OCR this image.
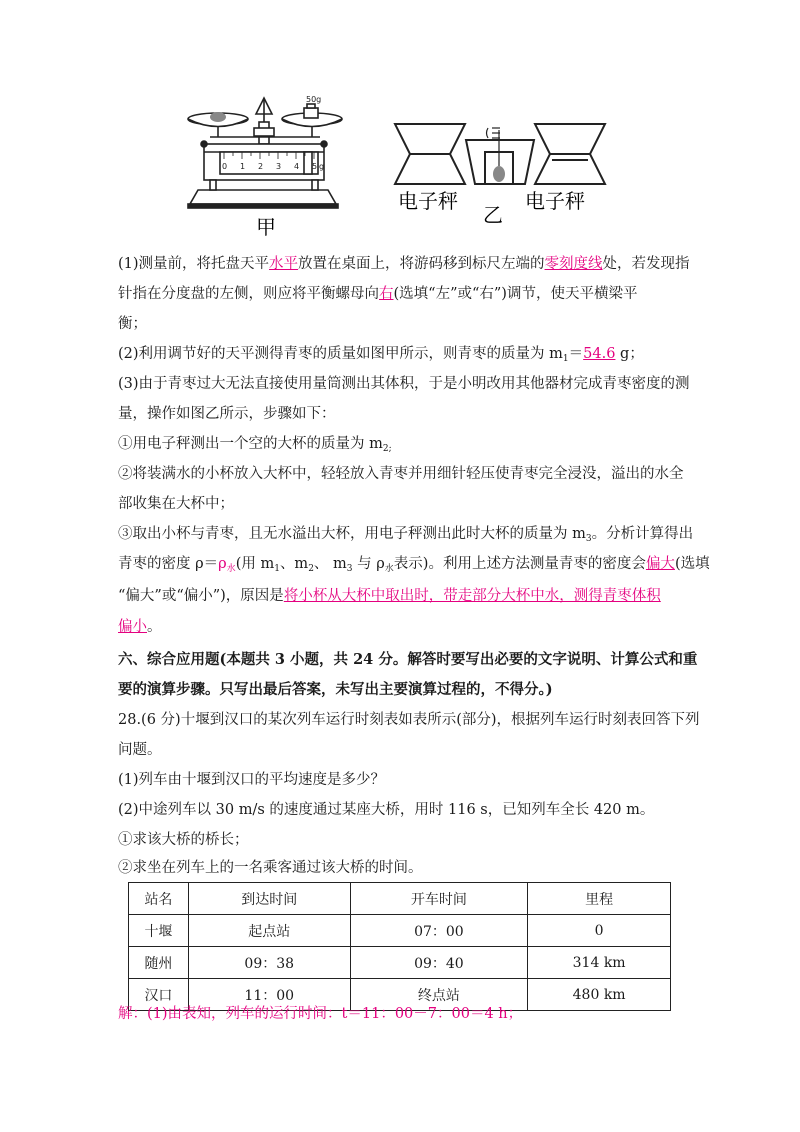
0 1 2 3 4 5 g
50g
甲
电子秤
乙
电子秤
(1)测量前，将托盘天平水平放置在桌面上，将游码移到标尺左端的零刻度线处，若发现指
针指在分度盘的左侧，则应将平衡螺母向右(选填“左”或“右”)调节，使天平横梁平
衡；
(2)利用调节好的天平测得青枣的质量如图甲所示，则青枣的质量为 $m_1=54.6$ g；
(3)由于青枣过大无法直接使用量筒测出其体积，于是小明改用其他器材完成青枣密度的测
量，操作如图乙所示，步骤如下：
①用电子秤测出一个空的大杯的质量为 $m_{2;}$
②将装满水的小杯放入大杯中，轻轻放入青枣并用细针轻压使青枣完全浸没，溢出的水全
部收集在大杯中；
③取出小杯与青枣，且无水溢出大杯，用电子秤测出此时大杯的质量为 $m_3$。分析计算得出
青枣的密度 $\rho=\rho_水$(用 $m_1$、$m_2$、 $m_3$ 与 $\rho_水$表示)。利用上述方法测量青枣的密度会偏大(选填
“偏大”或“偏小”)，原因是将小杯从大杯中取出时，带走部分大杯中水，测得青枣体积
偏小。
六、综合应用题(本题共 3 小题，共 24 分。解答时要写出必要的文字说明、计算公式和重
要的演算步骤。只写出最后答案，未写出主要演算过程的，不得分。)
28.(6 分)十堰到汉口的某次列车运行时刻表如表所示(部分)，根据列车运行时刻表回答下列
问题。
(1)列车由十堰到汉口的平均速度是多少？
(2)中途列车以 30 m/s 的速度通过某座大桥，用时 116 s，已知列车全长 420 m。
①求该大桥的桥长；
②求坐在列车上的一名乘客通过该大桥的时间。
站名	到达时间	开车时间	里程
十堰	起点站	07：00	0
随州	09：38	09：40	314 km
汉口	11：00	终点站	480 km
解：(1)由表知，列车的运行时间：t＝11：00－7：00＝4 h；
